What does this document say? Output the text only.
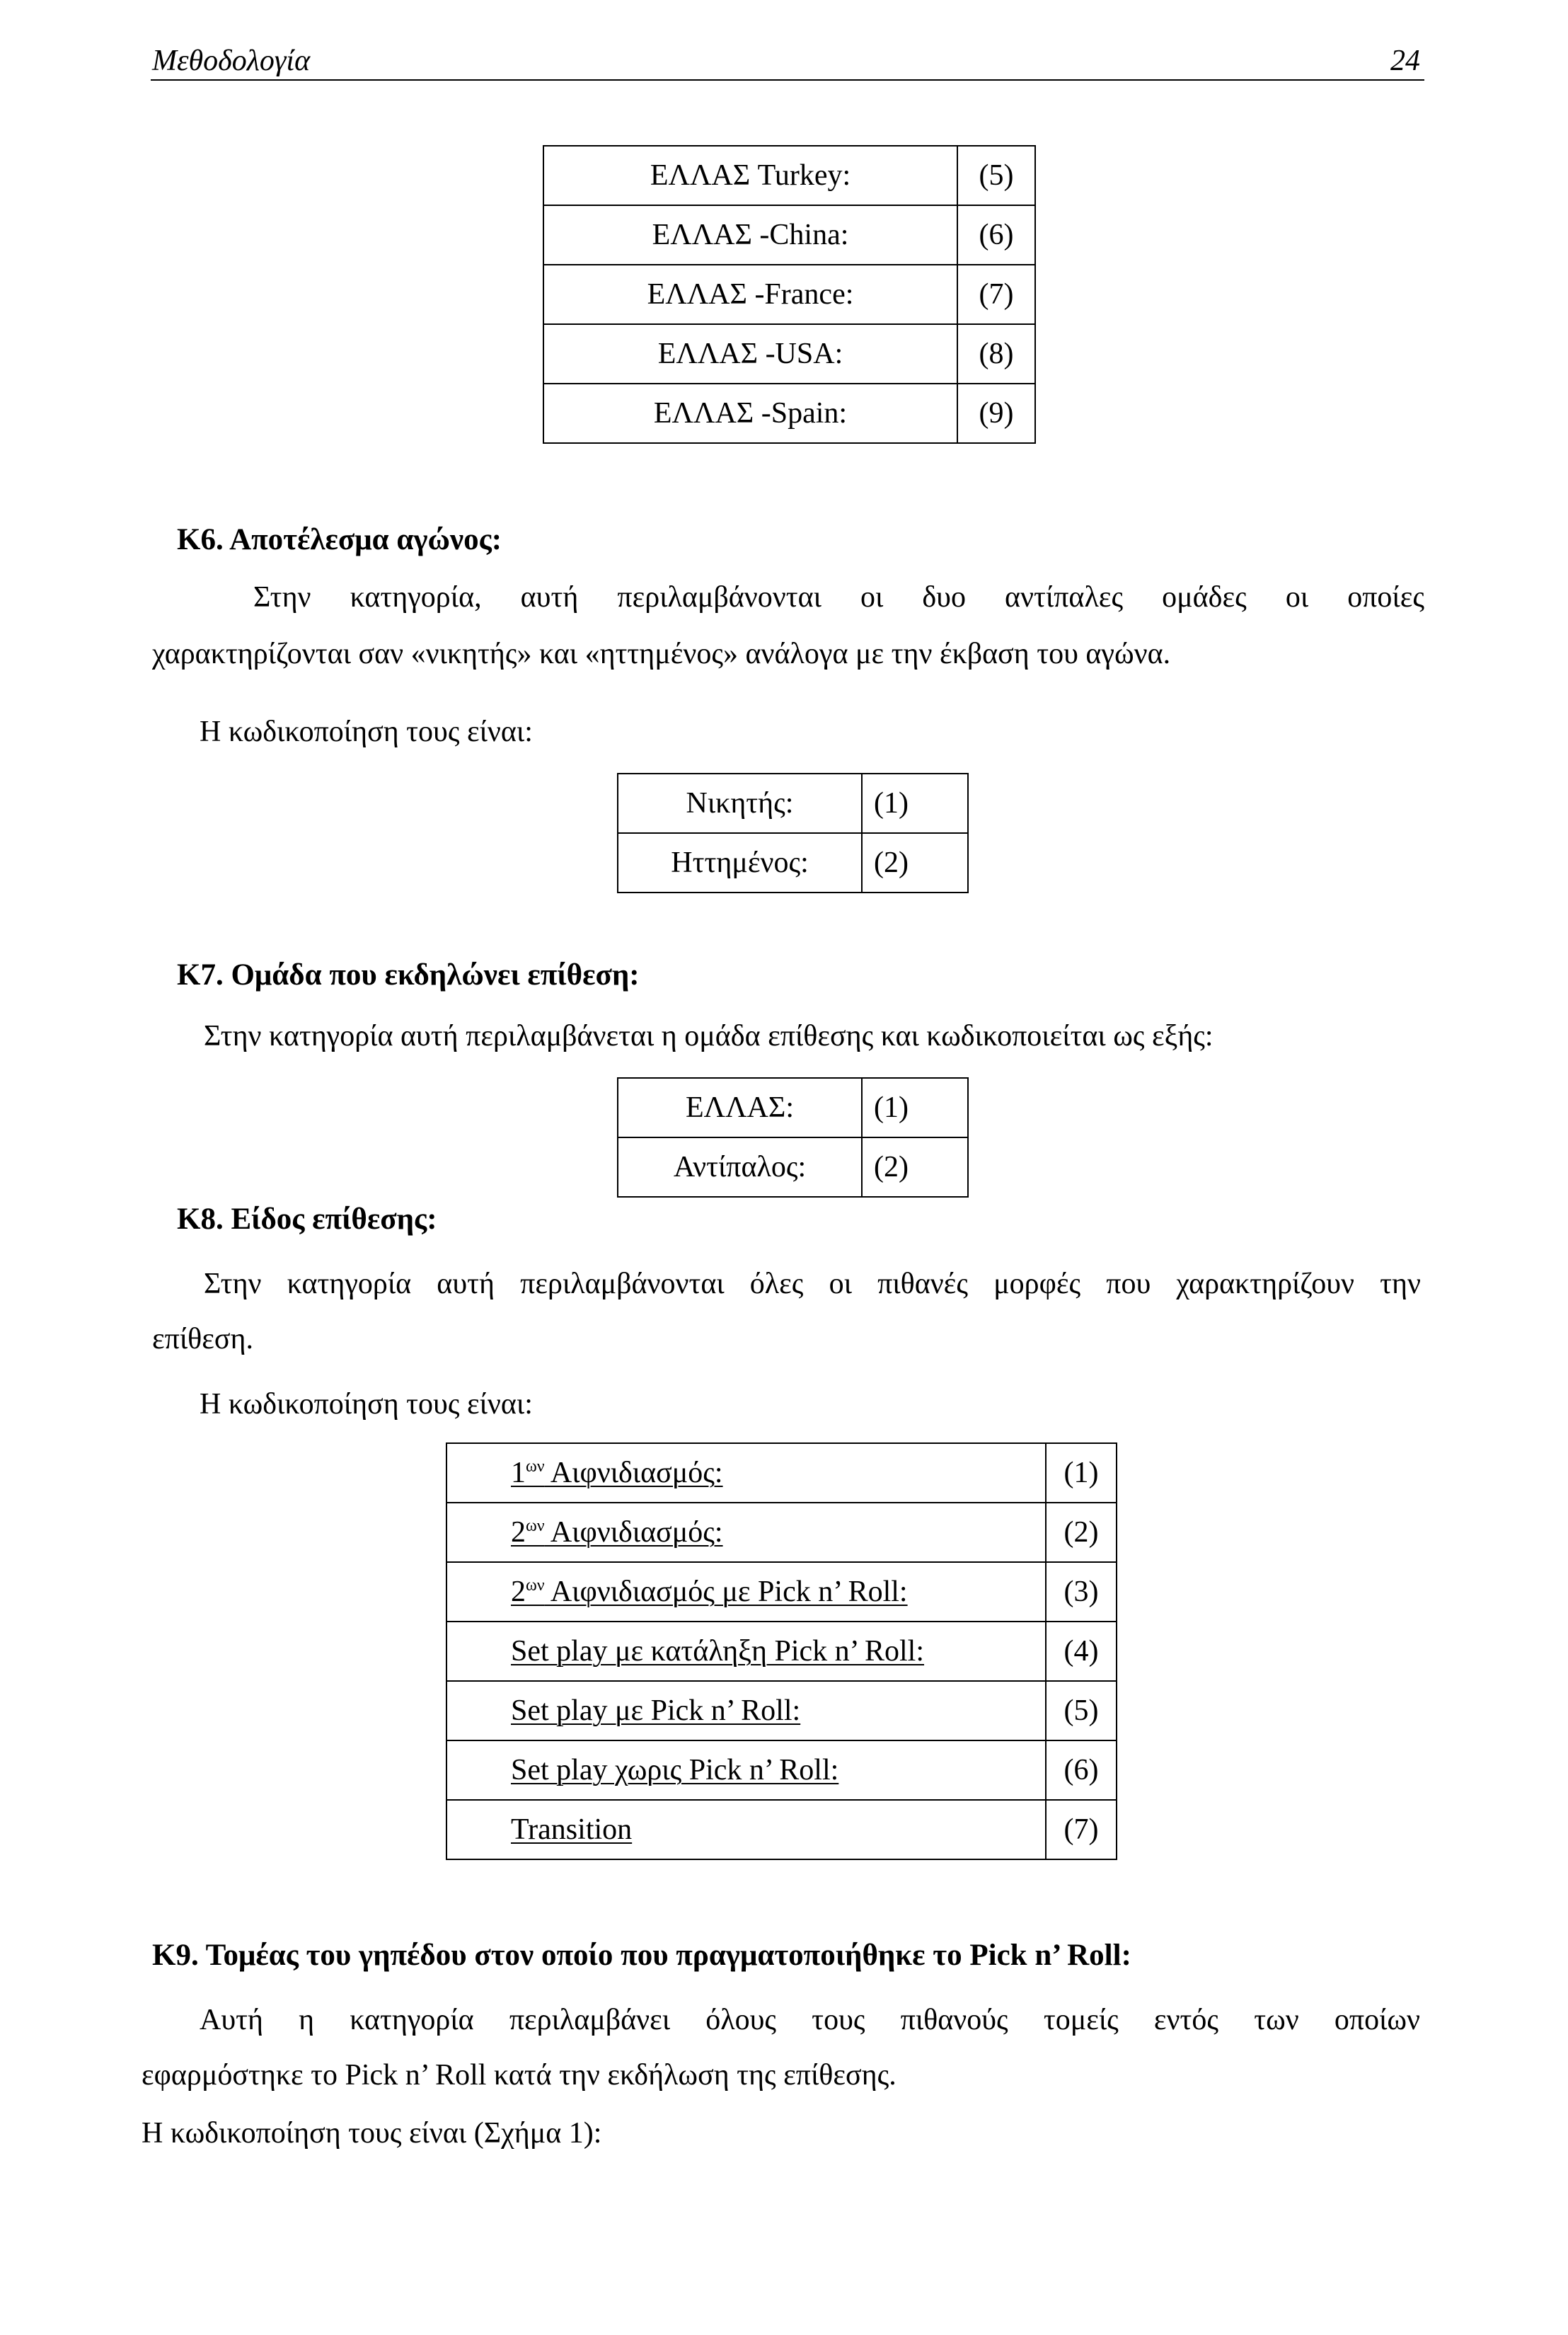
Μεθοδολογία	24
ΕΛΛΑΣ Turkey:	(5)
ΕΛΛΑΣ -China:	(6)
ΕΛΛΑΣ -France:	(7)
ΕΛΛΑΣ -USA:	(8)
ΕΛΛΑΣ -Spain:	(9)
Κ6. Αποτέλεσμα αγώνος:
Στην κατηγορία, αυτή περιλαμβάνονται οι δυο αντίπαλες ομάδες οι οποίες
χαρακτηρίζονται σαν «νικητής» και «ηττημένος» ανάλογα με την έκβαση του αγώνα.
Η κωδικοποίηση τους είναι:
Νικητής:	(1)
Ηττημένος:	(2)
Κ7. Ομάδα που εκδηλώνει επίθεση:
Στην κατηγορία αυτή περιλαμβάνεται η ομάδα επίθεσης και κωδικοποιείται ως εξής:
ΕΛΛΑΣ:	(1)
Αντίπαλος:	(2)
Κ8. Είδος επίθεσης:
Στην κατηγορία αυτή περιλαμβάνονται όλες οι πιθανές μορφές που χαρακτηρίζουν την
επίθεση.
Η κωδικοποίηση τους είναι:
$1^{\omega\nu}$ Αιφνιδιασμός:	(1)
$2^{\omega\nu}$ Αιφνιδιασμός:	(2)
$2^{\omega\nu}$ Αιφνιδιασμός με Pick n’ Roll:	(3)
Set play με κατάληξη Pick n’ Roll:	(4)
Set play με Pick n’ Roll:	(5)
Set play χωρις Pick n’ Roll:	(6)
Transition	(7)
Κ9. Τομέας του γηπέδου στον οποίο που πραγματοποιήθηκε το Pick n’ Roll:
Αυτή η κατηγορία περιλαμβάνει όλους τους πιθανούς τομείς εντός των οποίων
εφαρμόστηκε το Pick n’ Roll κατά την εκδήλωση της επίθεσης.
Η κωδικοποίηση τους είναι (Σχήμα 1):
